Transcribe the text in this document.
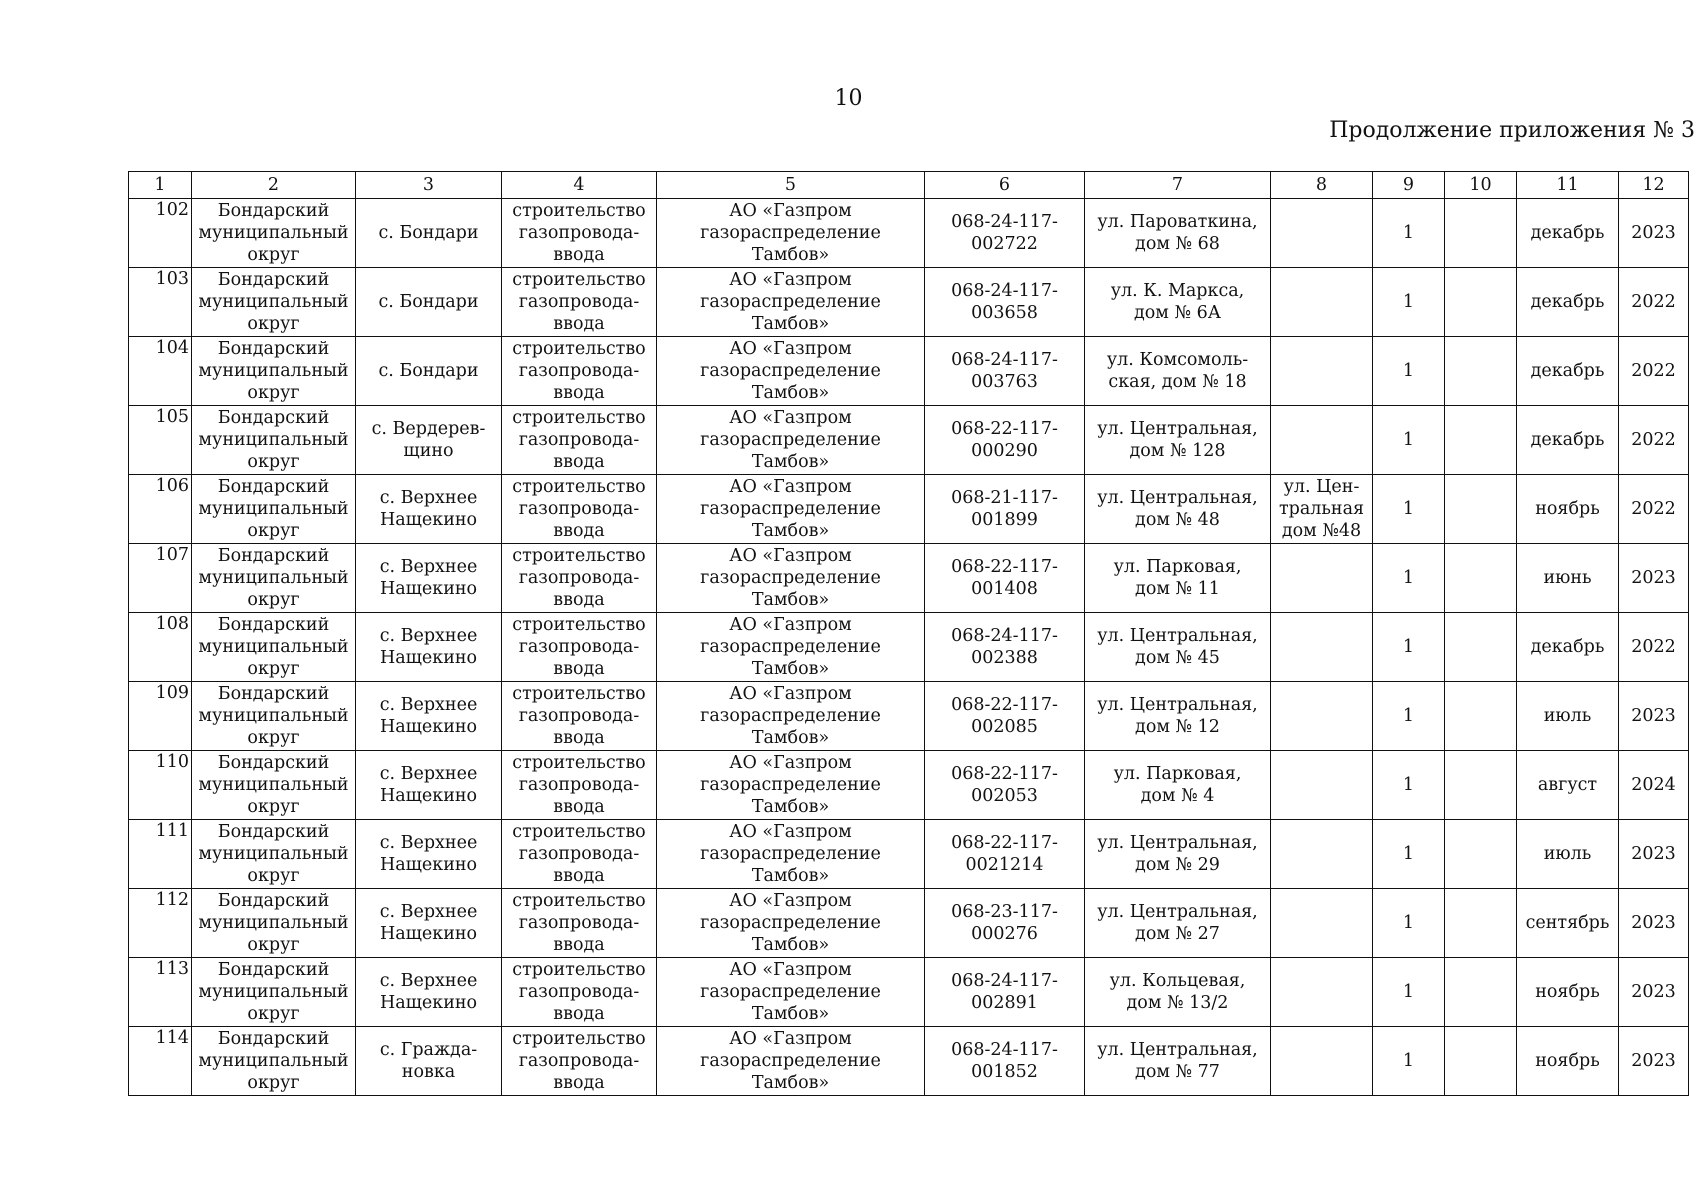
10
Продолжение приложения № 3
1	2	3	4	5	6	7	8	9	10	11	12
102	Бондарский
муниципальный
округ	с. Бондари	строительство
газопровода-
ввода	АО «Газпром
газораспределение Тамбов»	068-24-117-
002722	ул. Пароваткина,
дом № 68		1		декабрь	2023
103	Бондарский
муниципальный
округ	с. Бондари	строительство
газопровода-
ввода	АО «Газпром
газораспределение Тамбов»	068-24-117-
003658	ул. К. Маркса,
дом № 6А		1		декабрь	2022
104	Бондарский
муниципальный
округ	с. Бондари	строительство
газопровода-
ввода	АО «Газпром
газораспределение Тамбов»	068-24-117-
003763	ул. Комсомоль-
ская, дом № 18		1		декабрь	2022
105	Бондарский
муниципальный
округ	с. Вердерев-
щино	строительство
газопровода-
ввода	АО «Газпром
газораспределение Тамбов»	068-22-117-
000290	ул. Центральная,
дом № 128		1		декабрь	2022
106	Бондарский
муниципальный
округ	с. Верхнее
Нащекино	строительство
газопровода-
ввода	АО «Газпром
газораспределение Тамбов»	068-21-117-
001899	ул. Центральная,
дом № 48	ул. Цен-
тральная
дом №48	1		ноябрь	2022
107	Бондарский
муниципальный
округ	с. Верхнее
Нащекино	строительство
газопровода-
ввода	АО «Газпром
газораспределение Тамбов»	068-22-117-
001408	ул. Парковая,
дом № 11		1		июнь	2023
108	Бондарский
муниципальный
округ	с. Верхнее
Нащекино	строительство
газопровода-
ввода	АО «Газпром
газораспределение Тамбов»	068-24-117-
002388	ул. Центральная,
дом № 45		1		декабрь	2022
109	Бондарский
муниципальный
округ	с. Верхнее
Нащекино	строительство
газопровода-
ввода	АО «Газпром
газораспределение Тамбов»	068-22-117-
002085	ул. Центральная,
дом № 12		1		июль	2023
110	Бондарский
муниципальный
округ	с. Верхнее
Нащекино	строительство
газопровода-
ввода	АО «Газпром
газораспределение Тамбов»	068-22-117-
002053	ул. Парковая,
дом № 4		1		август	2024
111	Бондарский
муниципальный
округ	с. Верхнее
Нащекино	строительство
газопровода-
ввода	АО «Газпром
газораспределение Тамбов»	068-22-117-
0021214	ул. Центральная,
дом № 29		1		июль	2023
112	Бондарский
муниципальный
округ	с. Верхнее
Нащекино	строительство
газопровода-
ввода	АО «Газпром
газораспределение Тамбов»	068-23-117-
000276	ул. Центральная,
дом № 27		1		сентябрь	2023
113	Бондарский
муниципальный
округ	с. Верхнее
Нащекино	строительство
газопровода-
ввода	АО «Газпром
газораспределение Тамбов»	068-24-117-
002891	ул. Кольцевая,
дом № 13/2		1		ноябрь	2023
114	Бондарский
муниципальный
округ	с. Гражда-
новка	строительство
газопровода-
ввода	АО «Газпром
газораспределение Тамбов»	068-24-117-
001852	ул. Центральная,
дом № 77		1		ноябрь	2023
